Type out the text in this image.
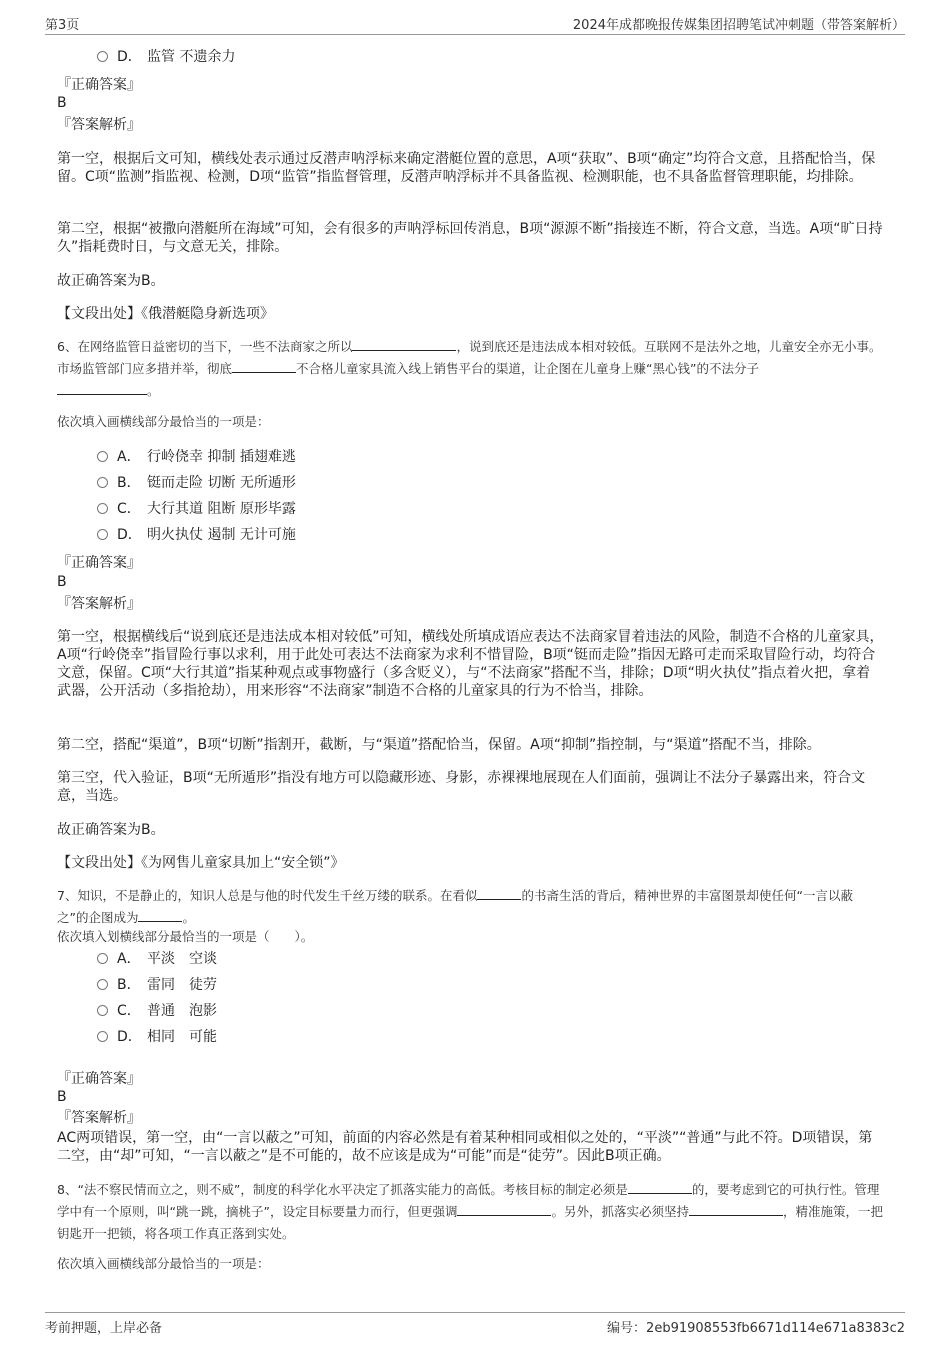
第3页	2024年成都晚报传媒集团招聘笔试冲刺题（带答案解析）
D． 监管 不遗余力
『正确答案』
B
『答案解析』

第一空，根据后文可知，横线处表示通过反潜声呐浮标来确定潜艇位置的意思，A项“获取”、B项“确定”均符合文意，且搭配恰当，保留。C项“监测”指监视、检测，D项“监管”指监督管理，反潜声呐浮标并不具备监视、检测职能，也不具备监督管理职能，均排除。

第二空，根据“被撒向潜艇所在海域”可知，会有很多的声呐浮标回传消息，B项“源源不断”指接连不断，符合文意，当选。A项“旷日持久”指耗费时日，与文意无关，排除。

故正确答案为B。

【文段出处】《俄潜艇隐身新选项》

6、在网络监管日益密切的当下，一些不法商家之所以	，说到底还是违法成本相对较低。互联网不是法外之地，儿童安全亦无小事。市场监管部门应多措并举，彻底	不合格儿童家具流入线上销售平台的渠道，让企图在儿童身上赚“黑心钱”的不法分子
。

依次填入画横线部分最恰当的一项是：

A． 行岭侥幸 抑制 插翅难逃
B． 铤而走险 切断 无所遁形
C． 大行其道 阻断 原形毕露
D． 明火执仗 遏制 无计可施
『正确答案』
B
『答案解析』

第一空，根据横线后“说到底还是违法成本相对较低”可知，横线处所填成语应表达不法商家冒着违法的风险，制造不合格的儿童家具，A项“行岭侥幸”指冒险行事以求利，用于此处可表达不法商家为求利不惜冒险，B项“铤而走险”指因无路可走而采取冒险行动，均符合文意，保留。C项“大行其道”指某种观点或事物盛行（多含贬义），与“不法商家”搭配不当，排除；D项“明火执仗”指点着火把，拿着武器，公开活动（多指抢劫），用来形容“不法商家”制造不合格的儿童家具的行为不恰当，排除。

第二空，搭配“渠道”，B项“切断”指割开，截断，与“渠道”搭配恰当，保留。A项“抑制”指控制，与“渠道”搭配不当，排除。

第三空，代入验证，B项“无所遁形”指没有地方可以隐藏形迹、身影，赤裸裸地展现在人们面前，强调让不法分子暴露出来，符合文意，当选。

故正确答案为B。

【文段出处】《为网售儿童家具加上“安全锁”》

7、知识，不是静止的，知识人总是与他的时代发生千丝万缕的联系。在看似	的书斋生活的背后，精神世界的丰富图景却使任何“一言以蔽之”的企图成为	。

依次填入划横线部分最恰当的一项是（　　）。

A． 平淡　空谈
B． 雷同　徒劳
C． 普通　泡影
D． 相同　可能
『正确答案』
B
『答案解析』

AC两项错误，第一空，由“一言以蔽之”可知，前面的内容必然是有着某种相同或相似之处的，“平淡”“普通”与此不符。D项错误，第二空，由“却”可知，“一言以蔽之”是不可能的，故不应该是成为“可能”而是“徒劳”。因此B项正确。

8、“法不察民情而立之，则不威”，制度的科学化水平决定了抓落实能力的高低。考核目标的制定必须是	的，要考虑到它的可执行性。管理学中有一个原则，叫“跳一跳，摘桃子”，设定目标要量力而行，但更强调	。另外，抓落实必须坚持	，精准施策，一把钥匙开一把锁，将各项工作真正落到实处。

依次填入画横线部分最恰当的一项是：

考前押题，上岸必备	编号：2eb91908553fb6671d114e671a8383c2
